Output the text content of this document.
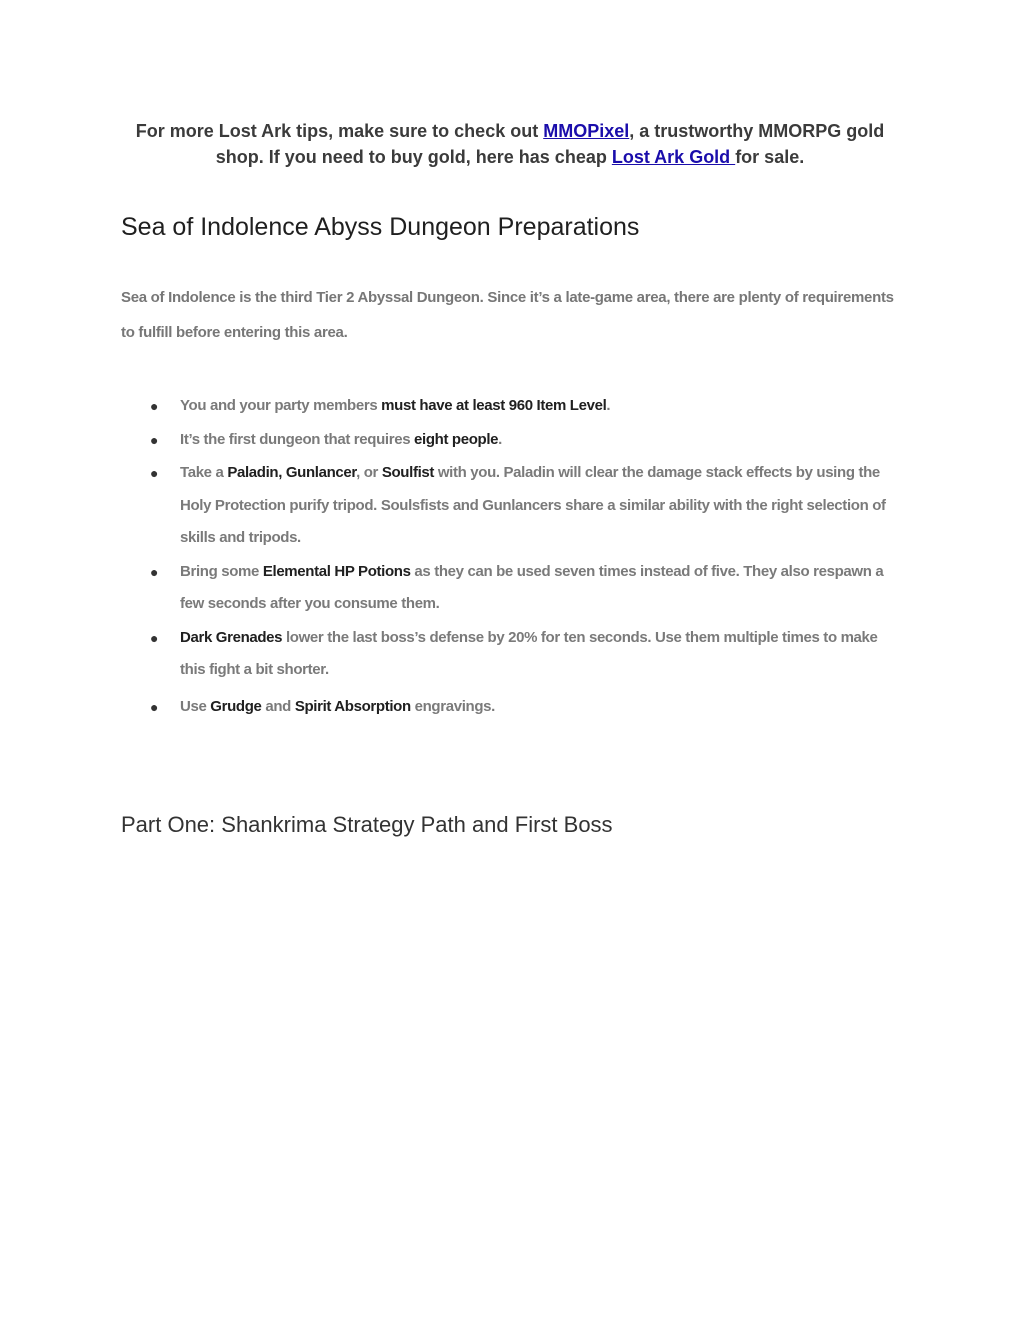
For more Lost Ark tips, make sure to check out MMOPixel, a trustworthy MMORPG gold shop. If you need to buy gold, here has cheap Lost Ark Gold for sale.
Sea of Indolence Abyss Dungeon Preparations

Sea of Indolence is the third Tier 2 Abyssal Dungeon. Since it’s a late-game area, there are plenty of requirements to fulfill before entering this area.

● You and your party members must have at least 960 Item Level.
● It’s the first dungeon that requires eight people.
● Take a Paladin, Gunlancer, or Soulfist with you. Paladin will clear the damage stack effects by using the Holy Protection purify tripod. Soulsfists and Gunlancers share a similar ability with the right selection of skills and tripods.
● Bring some Elemental HP Potions as they can be used seven times instead of five. They also respawn a few seconds after you consume them.
● Dark Grenades lower the last boss’s defense by 20% for ten seconds. Use them multiple times to make this fight a bit shorter.
● Use Grudge and Spirit Absorption engravings.
Part One: Shankrima Strategy Path and First Boss
